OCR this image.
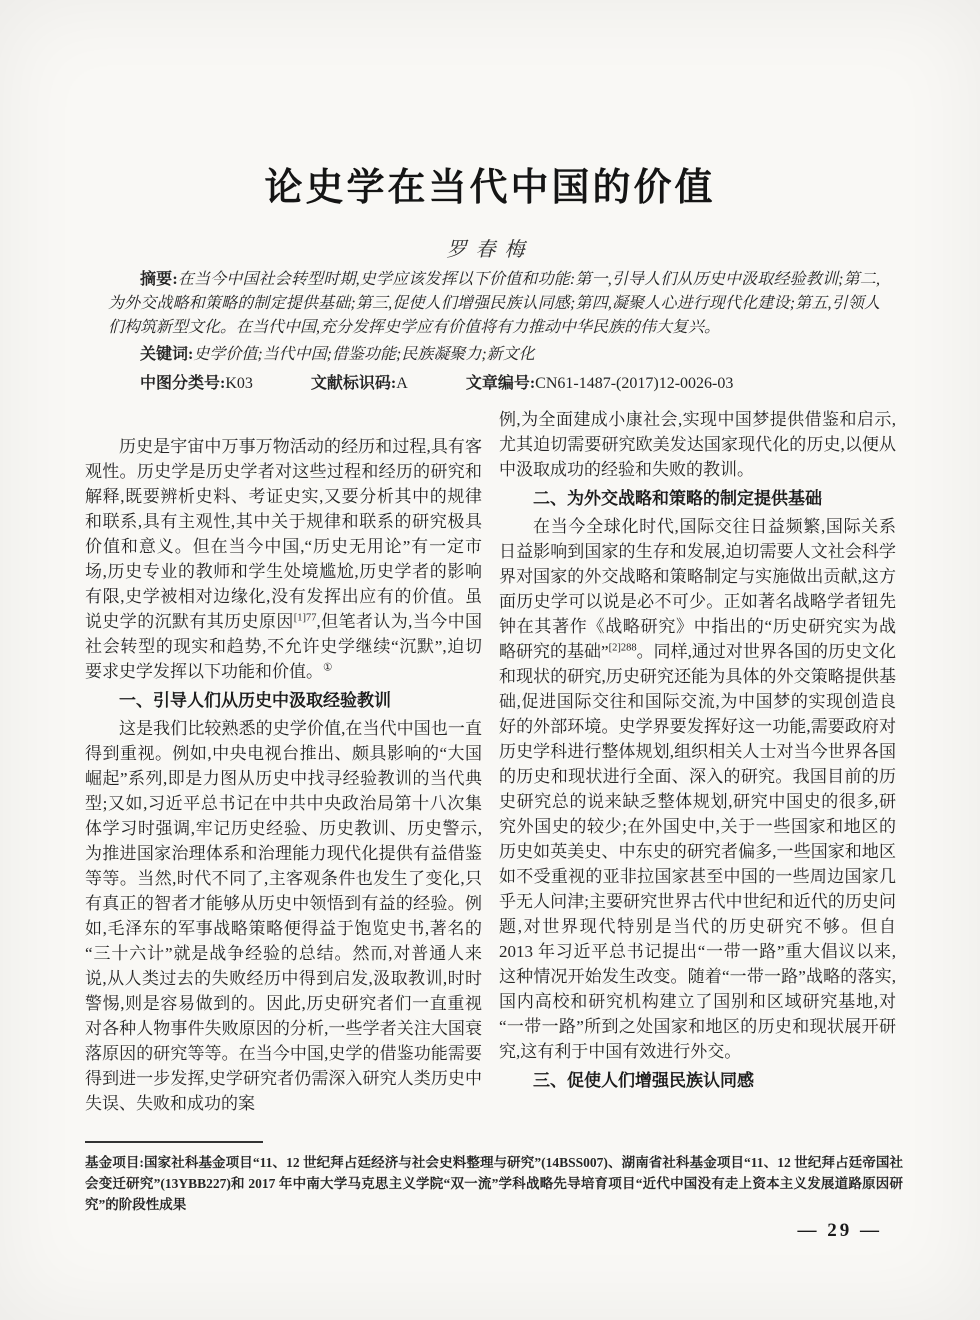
论史学在当代中国的价值
罗春梅

摘要:在当今中国社会转型时期,史学应该发挥以下价值和功能:第一,引导人们从历史中汲取经验教训;第二,为外交战略和策略的制定提供基础;第三,促使人们增强民族认同感;第四,凝聚人心进行现代化建设;第五,引领人们构筑新型文化。在当代中国,充分发挥史学应有价值将有力推动中华民族的伟大复兴。

关键词:史学价值;当代中国;借鉴功能;民族凝聚力;新文化

中图分类号:K03	文献标识码:A	文章编号:CN61-1487-(2017)12-0026-03

历史是宇宙中万事万物活动的经历和过程,具有客观性。历史学是历史学者对这些过程和经历的研究和解释,既要辨析史料、考证史实,又要分析其中的规律和联系,具有主观性,其中关于规律和联系的研究极具价值和意义。但在当今中国,“历史无用论”有一定市场,历史专业的教师和学生处境尴尬,历史学者的影响有限,史学被相对边缘化,没有发挥出应有的价值。虽说史学的沉默有其历史原因$^{[1]77}$,但笔者认为,当今中国社会转型的现实和趋势,不允许史学继续“沉默”,迫切要求史学发挥以下功能和价值。①

一、引导人们从历史中汲取经验教训

这是我们比较熟悉的史学价值,在当代中国也一直得到重视。例如,中央电视台推出、颇具影响的“大国崛起”系列,即是力图从历史中找寻经验教训的当代典型;又如,习近平总书记在中共中央政治局第十八次集体学习时强调,牢记历史经验、历史教训、历史警示,为推进国家治理体系和治理能力现代化提供有益借鉴等等。当然,时代不同了,主客观条件也发生了变化,只有真正的智者才能够从历史中领悟到有益的经验。例如,毛泽东的军事战略策略便得益于饱览史书,著名的“三十六计”就是战争经验的总结。然而,对普通人来说,从人类过去的失败经历中得到启发,汲取教训,时时警惕,则是容易做到的。因此,历史研究者们一直重视对各种人物事件失败原因的分析,一些学者关注大国衰落原因的研究等等。在当今中国,史学的借鉴功能需要得到进一步发挥,史学研究者仍需深入研究人类历史中失误、失败和成功的案

例,为全面建成小康社会,实现中国梦提供借鉴和启示,尤其迫切需要研究欧美发达国家现代化的历史,以便从中汲取成功的经验和失败的教训。

二、为外交战略和策略的制定提供基础

在当今全球化时代,国际交往日益频繁,国际关系日益影响到国家的生存和发展,迫切需要人文社会科学界对国家的外交战略和策略制定与实施做出贡献,这方面历史学可以说是必不可少。正如著名战略学者钮先钟在其著作《战略研究》中指出的“历史研究实为战略研究的基础”$^{[2]288}$。同样,通过对世界各国的历史文化和现状的研究,历史研究还能为具体的外交策略提供基础,促进国际交往和国际交流,为中国梦的实现创造良好的外部环境。史学界要发挥好这一功能,需要政府对历史学科进行整体规划,组织相关人士对当今世界各国的历史和现状进行全面、深入的研究。我国目前的历史研究总的说来缺乏整体规划,研究中国史的很多,研究外国史的较少;在外国史中,关于一些国家和地区的历史如英美史、中东史的研究者偏多,一些国家和地区如不受重视的亚非拉国家甚至中国的一些周边国家几乎无人问津;主要研究世界古代中世纪和近代的历史问题,对世界现代特别是当代的历史研究不够。但自 2013 年习近平总书记提出“一带一路”重大倡议以来,这种情况开始发生改变。随着“一带一路”战略的落实,国内高校和研究机构建立了国别和区域研究基地,对“一带一路”所到之处国家和地区的历史和现状展开研究,这有利于中国有效进行外交。

三、促使人们增强民族认同感
基金项目:国家社科基金项目“11、12 世纪拜占廷经济与社会史料整理与研究”(14BSS007)、湖南省社科基金项目“11、12 世纪拜占廷帝国社会变迁研究”(13YBB227)和 2017 年中南大学马克思主义学院“双一流”学科战略先导培育项目“近代中国没有走上资本主义发展道路原因研究”的阶段性成果
— 29 —
